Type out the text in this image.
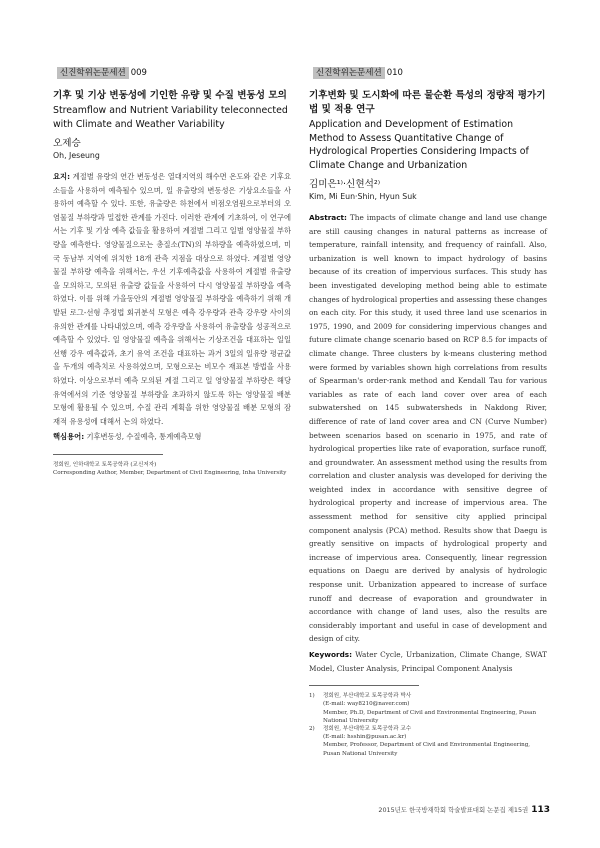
신진학위논문세션 009
기후 및 기상 변동성에 기인한 유량 및 수질 변동성 모의
Streamflow and Nutrient Variability teleconnected with Climate and Weather Variability
오제승
Oh, Jeseung
요지: 계절별 유량의 연간 변동성은 열대지역의 해수면 온도와 같은 기후요소들을 사용하여 예측될수 있으며, 일 유출량의 변동성은 기상요소들을 사용하여 예측할 수 있다. 또한, 유출량은 하천에서 비점오염원으로부터의 오염물질 부하량과 밀접한 관계를 가진다. 이러한 관계에 기초하여, 이 연구에서는 기후 및 기상 예측 값들을 활용하여 계절별 그리고 일별 영양물질 부하량을 예측한다. 영양물질으로는 총질소(TN)의 부하량을 예측하였으며, 미국 동남부 지역에 위치한 18개 관측 지점을 대상으로 하였다. 계절별 영양물질 부하량 예측을 위해서는, 우선 기후예측값을 사용하여 계절별 유출량을 모의하고, 모의된 유출량 값들을 사용하여 다시 영양물질 부하량을 예측 하였다. 이를 위해 가을동안의 계절별 영양물질 부하량을 예측하기 위해 개발된 로그-선형 추정법 회귀분석 모형은 예측 강우량과 관측 강우량 사이의 유의한 관계를 나타내었으며, 예측 강우량을 사용하여 유출량을 성공적으로 예측할 수 있었다. 일 영양물질 예측을 위해서는 기상조건을 대표하는 일일 선행 강우 예측값과, 초기 유역 조건을 대표하는 과거 3일의 일유량 평균값을 두개의 예측치로 사용하였으며, 모형으로는 비모수 재표본 방법을 사용하였다. 이상으로부터 예측 모의된 계절 그리고 일 영양물질 부하량은 해당 유역에서의 기준 영양물질 부하량을 초과하지 않도록 하는 영양물질 배분 모형에 활용될 수 있으며, 수질 관리 계획을 위한 영양물질 배분 모형의 잠재적 유용성에 대해서 논의 하였다.
핵심용어: 기후변동성, 수질예측, 통계예측모형
정회원, 인하대학교 토목공학과 (교신저자)
Corresponding Author, Member, Department of Civil Engineering, Inha University
신진학위논문세션 010
기후변화 및 도시화에 따른 물순환 특성의 정량적 평가기법 및 적용 연구
Application and Development of Estimation Method to Assess Quantitative Change of Hydrological Properties Considering Impacts of Climate Change and Urbanization
김미은¹⁾·신현석²⁾
Kim, Mi Eun·Shin, Hyun Suk
Abstract: The impacts of climate change and land use change are still causing changes in natural patterns as increase of temperature, rainfall intensity, and frequency of rainfall. Also, urbanization is well known to impact hydrology of basins because of its creation of impervious surfaces. This study has been investigated developing method being able to estimate changes of hydrological properties and assessing these changes on each city. For this study, it used three land use scenarios in 1975, 1990, and 2009 for considering impervious changes and future climate change scenario based on RCP 8.5 for impacts of climate change. Three clusters by k-means clustering method were formed by variables shown high correlations from results of Spearman's order-rank method and Kendall Tau for various variables as rate of each land cover over area of each subwatershed on 145 subwatersheds in Nakdong River, difference of rate of land cover area and CN (Curve Number) between scenarios based on scenario in 1975, and rate of hydrological properties like rate of evaporation, surface runoff, and groundwater. An assessment method using the results from correlation and cluster analysis was developed for deriving the weighted index in accordance with sensitive degree of hydrological property and increase of impervious area. The assessment method for sensitive city applied principal component analysis (PCA) method. Results show that Daegu is greatly sensitive on impacts of hydrological property and increase of impervious area. Consequently, linear regression equations on Daegu are derived by analysis of hydrologic response unit. Urbanization appeared to increase of surface runoff and decrease of evaporation and groundwater in accordance with change of land uses, also the results are considerably important and useful in case of development and design of city.
Keywords: Water Cycle, Urbanization, Climate Change, SWAT Model, Cluster Analysis, Principal Component Analysis
1) 정회원, 부산대학교 토목공학과 박사
(E-mail: way8210@naver.com)
Member, Ph.D, Department of Civil and Environmental Engineering, Pusan National University
2) 정회원, 부산대학교 토목공학과 교수
(E-mail: hsshin@pusan.ac.kr)
Member, Professor, Department of Civil and Environmental Engineering, Pusan National University
2015년도 한국방재학회 학술발표대회 논문집 제15권 113
